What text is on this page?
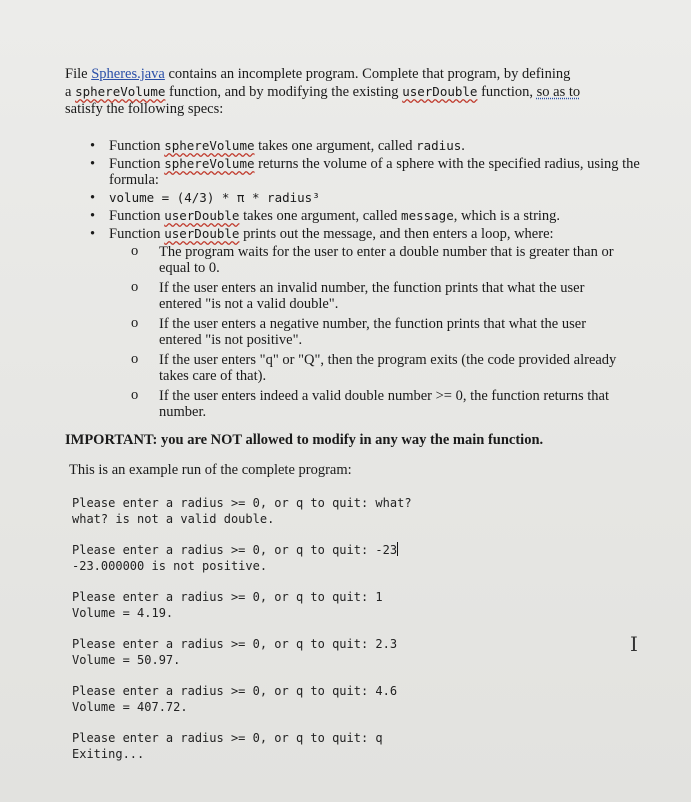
File Spheres.java contains an incomplete program. Complete that program, by defining

a sphereVolume function, and by modifying the existing userDouble function, so as to

satisfy the following specs:

• Function sphereVolume takes one argument, called radius.
• Function sphereVolume returns the volume of a sphere with the specified radius, using the formula:
• volume = (4/3) * π * radius³
• Function userDouble takes one argument, called message, which is a string.
• Function userDouble prints out the message, and then enters a loop, where:
o The program waits for the user to enter a double number that is greater than or equal to 0.
o If the user enters an invalid number, the function prints that what the user entered "is not a valid double".
o If the user enters a negative number, the function prints that what the user entered "is not positive".
o If the user enters "q" or "Q", then the program exits (the code provided already takes care of that).
o If the user enters indeed a valid double number >= 0, the function returns that number.
IMPORTANT: you are NOT allowed to modify in any way the main function.
This is an example run of the complete program:
Please enter a radius >= 0, or q to quit: what?
what? is not a valid double.
Please enter a radius >= 0, or q to quit: -23
-23.000000 is not positive.
Please enter a radius >= 0, or q to quit: 1
Volume = 4.19.
Please enter a radius >= 0, or q to quit: 2.3
Volume = 50.97.
Please enter a radius >= 0, or q to quit: 4.6
Volume = 407.72.
Please enter a radius >= 0, or q to quit: q
Exiting...
I
